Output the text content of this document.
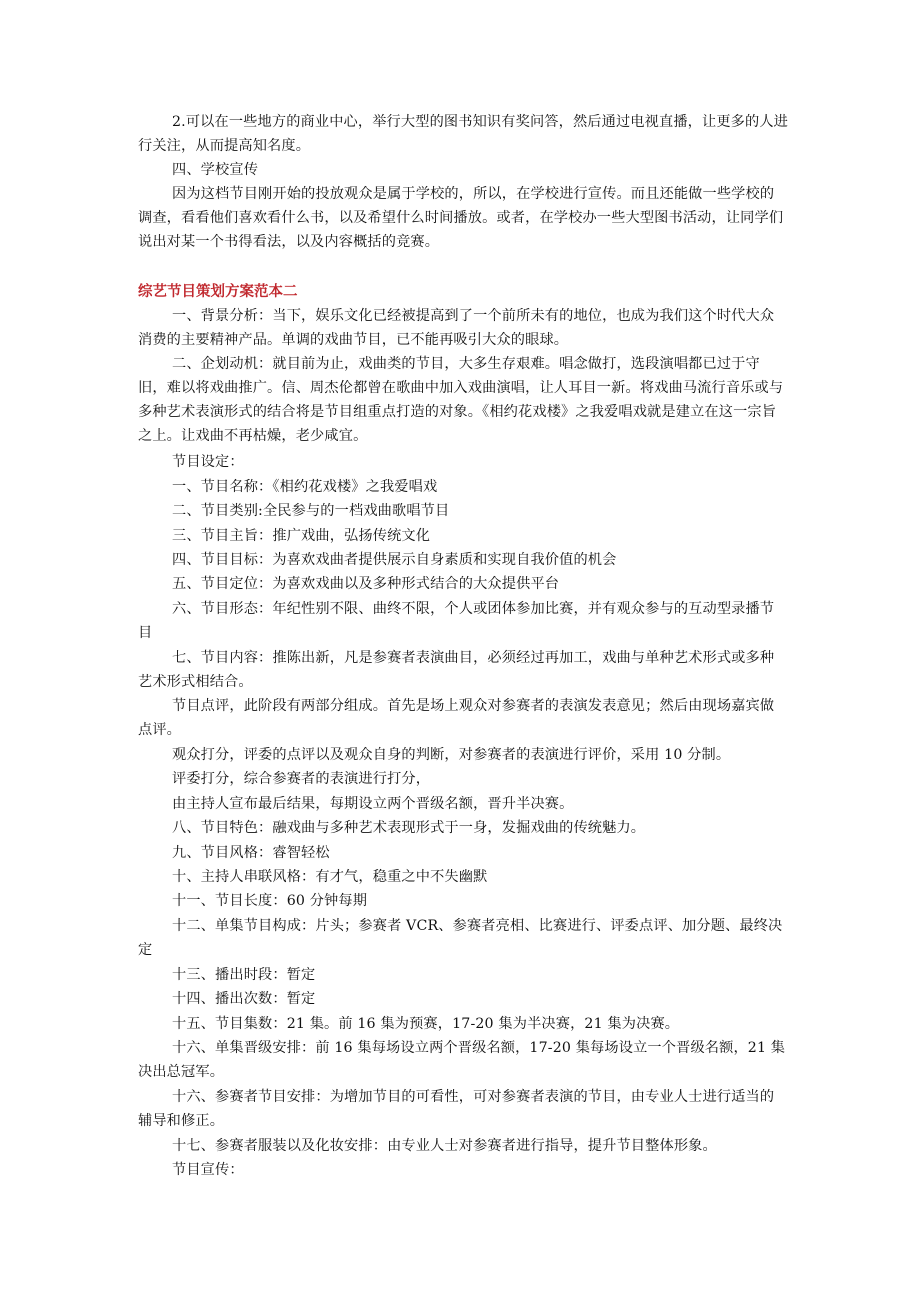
2.可以在一些地方的商业中心，举行大型的图书知识有奖问答，然后通过电视直播，让更多的人进行关注，从而提高知名度。
四、学校宣传
因为这档节目刚开始的投放观众是属于学校的，所以，在学校进行宣传。而且还能做一些学校的调查，看看他们喜欢看什么书，以及希望什么时间播放。或者，在学校办一些大型图书活动，让同学们说出对某一个书得看法，以及内容概括的竞赛。
综艺节目策划方案范本二
一、背景分析：当下，娱乐文化已经被提高到了一个前所未有的地位，也成为我们这个时代大众消费的主要精神产品。单调的戏曲节目，已不能再吸引大众的眼球。
二、企划动机：就目前为止，戏曲类的节目，大多生存艰难。唱念做打，选段演唱都已过于守旧，难以将戏曲推广。信、周杰伦都曾在歌曲中加入戏曲演唱，让人耳目一新。将戏曲马流行音乐或与多种艺术表演形式的结合将是节目组重点打造的对象。《相约花戏楼》之我爱唱戏就是建立在这一宗旨之上。让戏曲不再枯燥，老少咸宜。
节目设定：
一、节目名称：《相约花戏楼》之我爱唱戏
二、节目类别:全民参与的一档戏曲歌唱节目
三、节目主旨：推广戏曲，弘扬传统文化
四、节目目标：为喜欢戏曲者提供展示自身素质和实现自我价值的机会
五、节目定位：为喜欢戏曲以及多种形式结合的大众提供平台
六、节目形态：年纪性别不限、曲终不限，个人或团体参加比赛，并有观众参与的互动型录播节目
七、节目内容：推陈出新，凡是参赛者表演曲目，必须经过再加工，戏曲与单种艺术形式或多种艺术形式相结合。
节目点评，此阶段有两部分组成。首先是场上观众对参赛者的表演发表意见；然后由现场嘉宾做点评。
观众打分，评委的点评以及观众自身的判断，对参赛者的表演进行评价，采用 10 分制。
评委打分，综合参赛者的表演进行打分，
由主持人宣布最后结果，每期设立两个晋级名额，晋升半决赛。
八、节目特色：融戏曲与多种艺术表现形式于一身，发掘戏曲的传统魅力。
九、节目风格：睿智轻松
十、主持人串联风格：有才气，稳重之中不失幽默
十一、节目长度：60 分钟每期
十二、单集节目构成：片头；参赛者 VCR、参赛者亮相、比赛进行、评委点评、加分题、最终决定
十三、播出时段：暂定
十四、播出次数：暂定
十五、节目集数：21 集。前 16 集为预赛，17-20 集为半决赛，21 集为决赛。
十六、单集晋级安排：前 16 集每场设立两个晋级名额，17-20 集每场设立一个晋级名额，21 集决出总冠军。
十六、参赛者节目安排：为增加节目的可看性，可对参赛者表演的节目，由专业人士进行适当的辅导和修正。
十七、参赛者服装以及化妆安排：由专业人士对参赛者进行指导，提升节目整体形象。
节目宣传：
